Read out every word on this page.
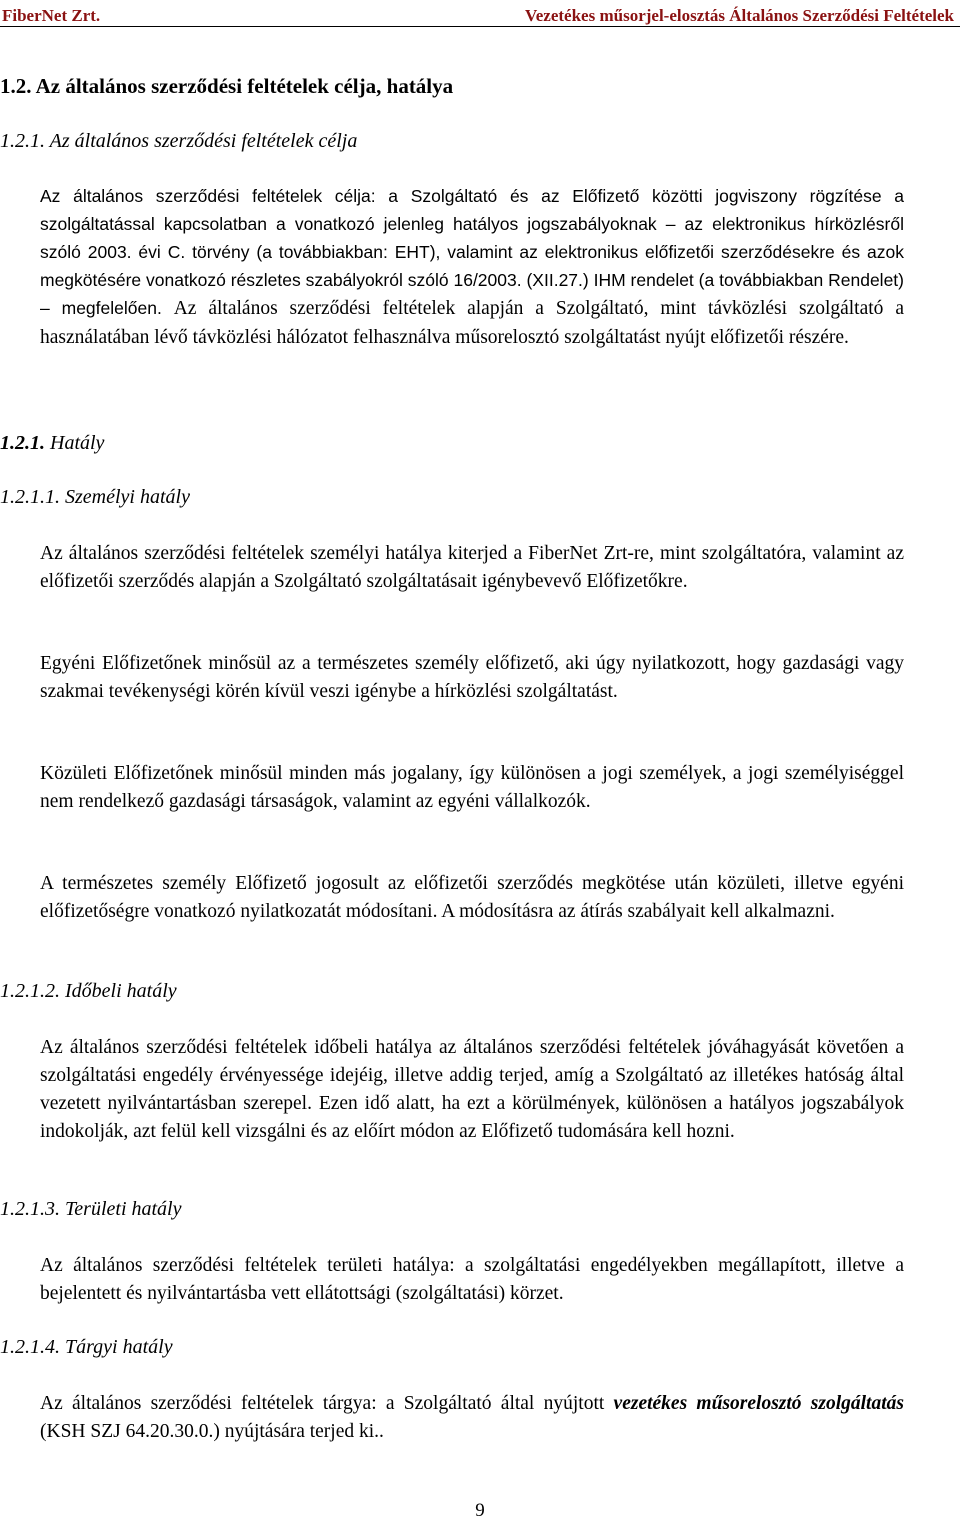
FiberNet Zrt.	Vezetékes műsorjel-elosztás Általános Szerződési Feltételek
1.2. Az általános szerződési feltételek célja, hatálya
1.2.1. Az általános szerződési feltételek célja
Az általános szerződési feltételek célja: a Szolgáltató és az Előfizető közötti jogviszony rögzítése a szolgáltatással kapcsolatban a vonatkozó jelenleg hatályos jogszabályoknak – az elektronikus hírközlésről szóló 2003. évi C. törvény (a továbbiakban: EHT), valamint az elektronikus előfizetői szerződésekre és azok megkötésére vonatkozó részletes szabályokról szóló 16/2003. (XII.27.) IHM rendelet (a továbbiakban Rendelet) – megfelelően. Az általános szerződési feltételek alapján a Szolgáltató, mint távközlési szolgáltató a használatában lévő távközlési hálózatot felhasználva műsorelosztó szolgáltatást nyújt előfizetői részére.
1.2.1. Hatály
1.2.1.1. Személyi hatály
Az általános szerződési feltételek személyi hatálya kiterjed a FiberNet Zrt-re, mint szolgáltatóra, valamint az előfizetői szerződés alapján a Szolgáltató szolgáltatásait igénybevevő Előfizetőkre.
Egyéni Előfizetőnek minősül az a természetes személy előfizető, aki úgy nyilatkozott, hogy gazdasági vagy szakmai tevékenységi körén kívül veszi igénybe a hírközlési szolgáltatást.
Közületi Előfizetőnek minősül minden más jogalany, így különösen a jogi személyek, a jogi személyiséggel nem rendelkező gazdasági társaságok, valamint az egyéni vállalkozók.
A természetes személy Előfizető jogosult az előfizetői szerződés megkötése után közületi, illetve egyéni előfizetőségre vonatkozó nyilatkozatát módosítani. A módosításra az átírás szabályait kell alkalmazni.
1.2.1.2. Időbeli hatály
Az általános szerződési feltételek időbeli hatálya az általános szerződési feltételek jóváhagyását követően a szolgáltatási engedély érvényessége idejéig, illetve addig terjed, amíg a Szolgáltató az illetékes hatóság által vezetett nyilvántartásban szerepel. Ezen idő alatt, ha ezt a körülmények, különösen a hatályos jogszabályok indokolják, azt felül kell vizsgálni és az előírt módon az Előfizető tudomására kell hozni.
1.2.1.3. Területi hatály
Az általános szerződési feltételek területi hatálya: a szolgáltatási engedélyekben megállapított, illetve a bejelentett és nyilvántartásba vett ellátottsági (szolgáltatási) körzet.
1.2.1.4. Tárgyi hatály
Az általános szerződési feltételek tárgya: a Szolgáltató által nyújtott vezetékes műsorelosztó szolgáltatás (KSH SZJ 64.20.30.0.) nyújtására terjed ki..
9
